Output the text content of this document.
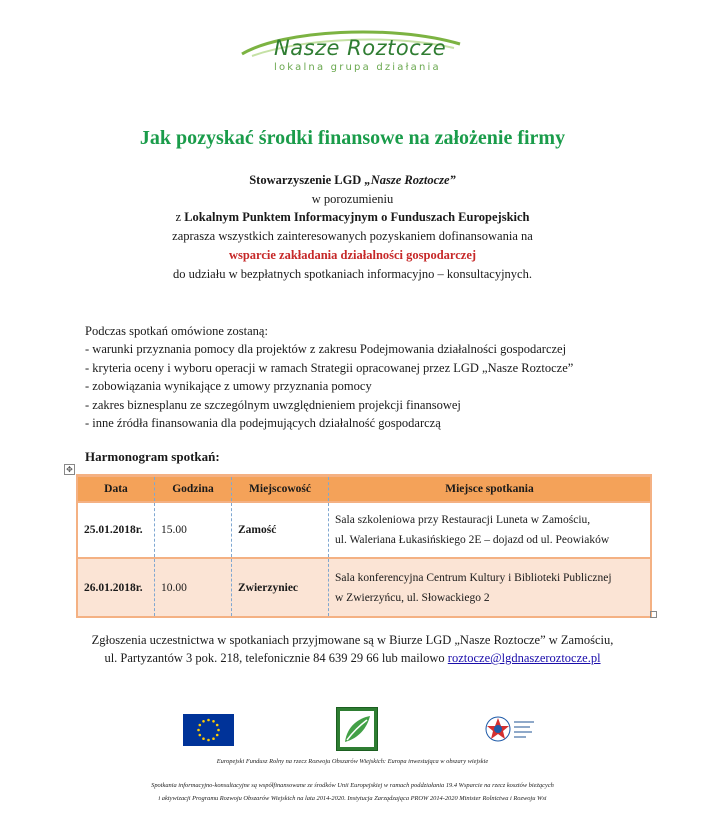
Nasze Roztocze
lokalna grupa działania
Jak pozyskać środki finansowe na założenie firmy
Stowarzyszenie LGD „Nasze Roztocze”
w porozumieniu
z Lokalnym Punktem Informacyjnym o Funduszach Europejskich
zaprasza wszystkich zainteresowanych pozyskaniem dofinansowania na
wsparcie zakładania działalności gospodarczej
do udziału w bezpłatnych spotkaniach informacyjno – konsultacyjnych.
Podczas spotkań omówione zostaną:
- warunki przyznania pomocy dla projektów z zakresu Podejmowania działalności gospodarczej
- kryteria oceny i wyboru operacji w ramach Strategii opracowanej przez LGD „Nasze Roztocze”
- zobowiązania wynikające z umowy przyznania pomocy
- zakres biznesplanu ze szczególnym uwzględnieniem projekcji finansowej
- inne źródła finansowania dla podejmujących działalność gospodarczą
Harmonogram spotkań:
✥
Data	Godzina	Miejscowość	Miejsce spotkania
25.01.2018r.	15.00	Zamość	Sala szkoleniowa przy Restauracji Luneta w Zamościu,
ul. Waleriana Łukasińskiego 2E – dojazd od ul. Peowiaków

26.01.2018r.	10.00	Zwierzyniec	Sala konferencyjna Centrum Kultury i Biblioteki Publicznej
w Zwierzyńcu, ul. Słowackiego 2
Zgłoszenia uczestnictwa w spotkaniach przyjmowane są w Biurze LGD „Nasze Roztocze” w Zamościu,
ul. Partyzantów 3 pok. 218, telefonicznie 84 639 29 66 lub mailowo roztocze@lgdnaszeroztocze.pl
Europejski Fundusz Rolny na rzecz Rozwoju Obszarów Wiejskich: Europa inwestująca w obszary wiejskie
Spotkania informacyjno-konsultacyjne są współfinansowane ze środków Unii Europejskiej w ramach poddziałania 19.4 Wsparcie na rzecz kosztów bieżących
i aktywizacji Programu Rozwoju Obszarów Wiejskich na lata 2014-2020. Instytucja Zarządzająca PROW 2014-2020 Minister Rolnictwa i Rozwoju Wsi
